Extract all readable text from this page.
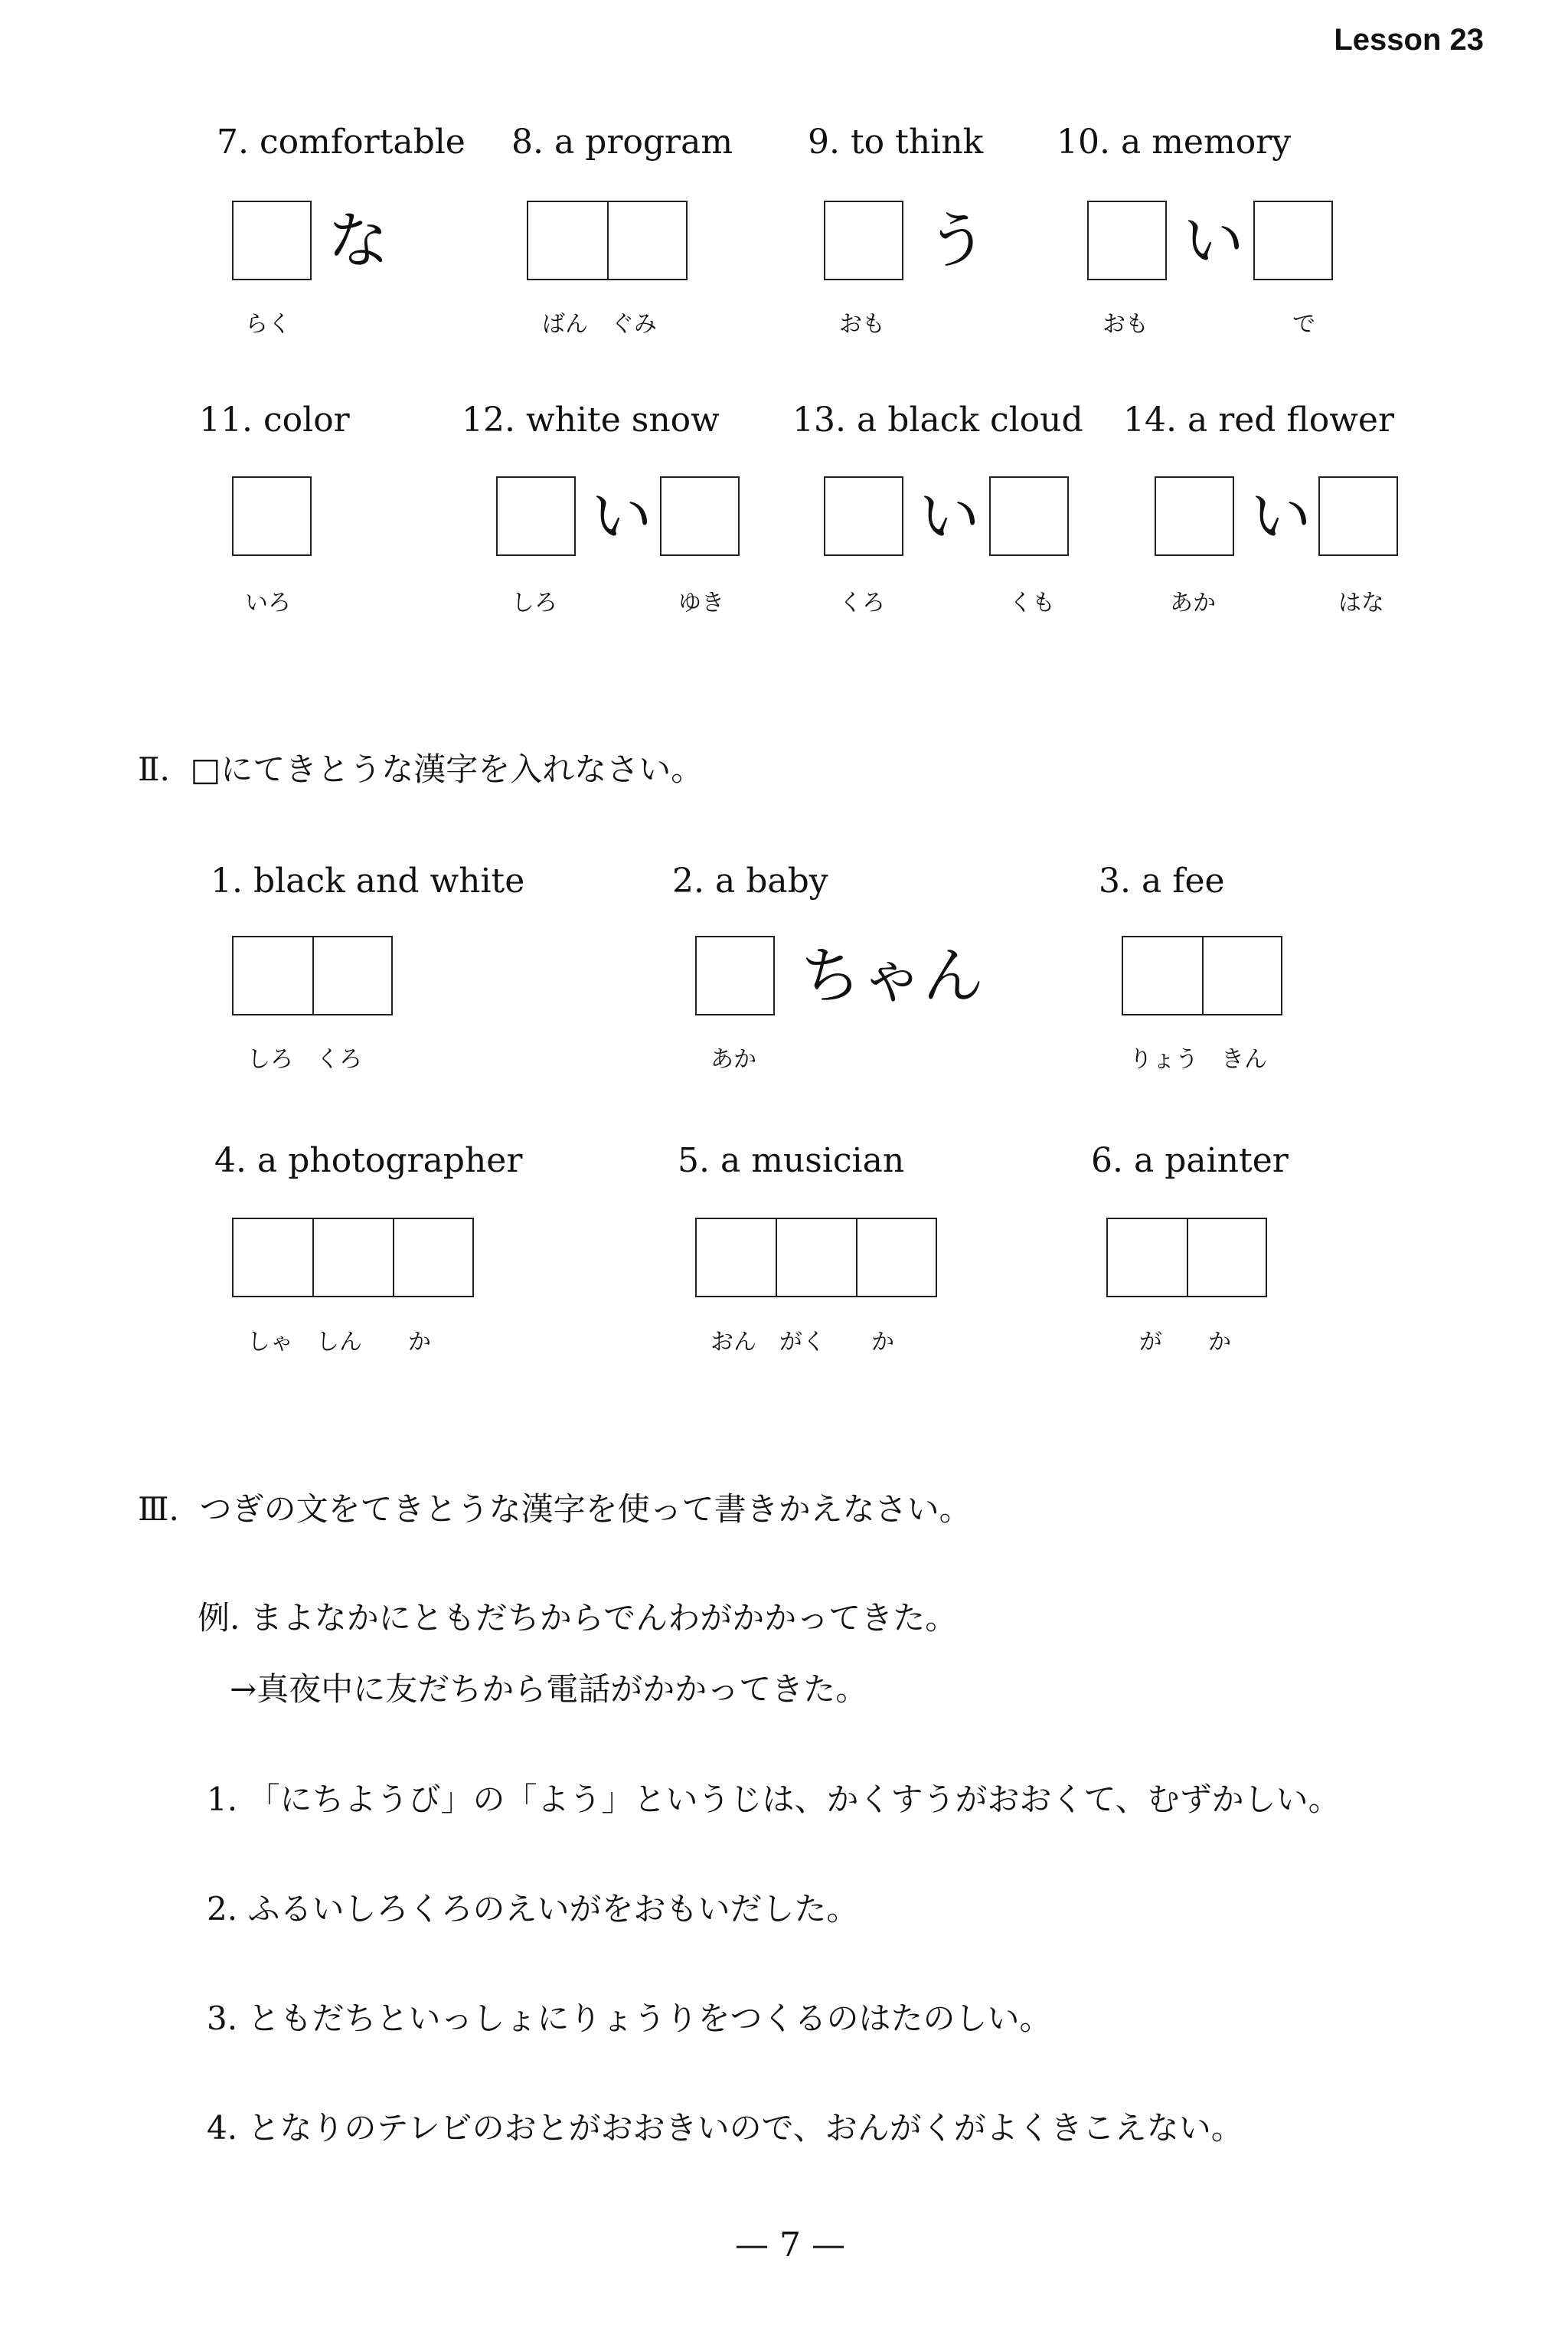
Lesson 23
7. comfortable
な
らく
8. a program
ばん　ぐみ
9. to think
う
おも
10. a memory
い
おも	で
11. color
いろ
12. white snow
い
しろ	ゆき
13. a black cloud
い
くろ	くも
14. a red flower
い
あか	はな
Ⅱ. □にてきとうな漢字を入れなさい。
1. black and white
しろ　くろ
2. a baby
ちゃん
あか
3. a fee
りょう　きん
4. a photographer
しゃ　しん　　か
5. a musician
おん　がく　　か
6. a painter
が　　か
Ⅲ. つぎの文をてきとうな漢字を使って書きかえなさい。
例. まよなかにともだちからでんわがかかってきた。
→真夜中に友だちから電話がかかってきた。
1. 「にちようび」の「よう」というじは、かくすうがおおくて、むずかしい。
2. ふるいしろくろのえいがをおもいだした。
3. ともだちといっしょにりょうりをつくるのはたのしい。
4. となりのテレビのおとがおおきいので、おんがくがよくきこえない。
— 7 —
